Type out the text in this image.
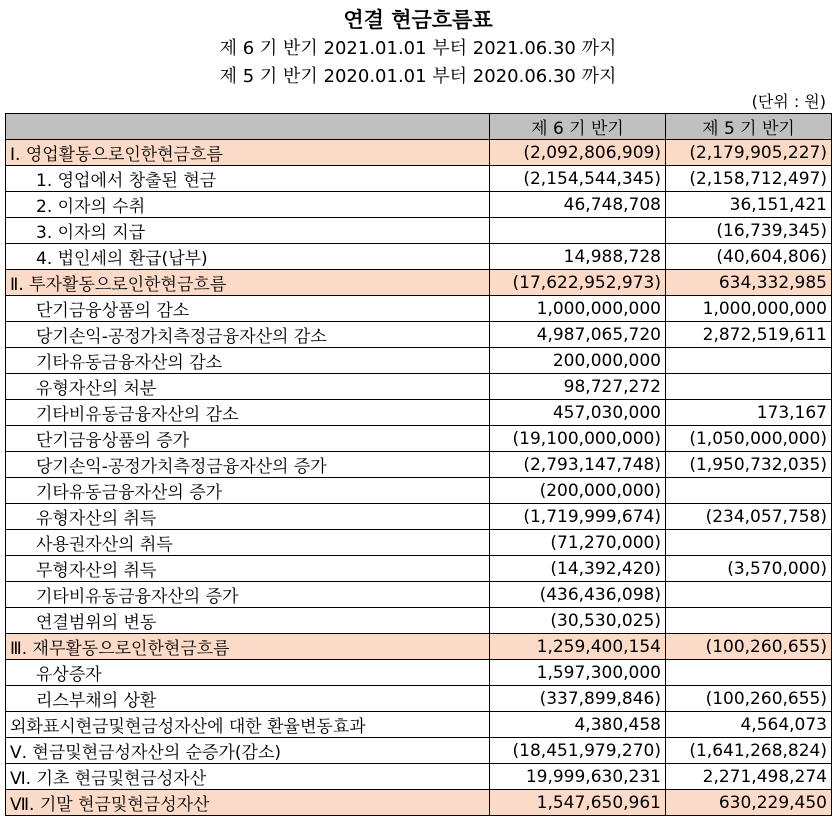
연결 현금흐름표
제 6 기 반기 2021.01.01 부터 2021.06.30 까지
제 5 기 반기 2020.01.01 부터 2020.06.30 까지
(단위 : 원)
	제 6 기 반기	제 5 기 반기
Ⅰ. 영업활동으로인한현금흐름	(2,092,806,909)	(2,179,905,227)
1. 영업에서 창출된 현금	(2,154,544,345)	(2,158,712,497)
2. 이자의 수취	46,748,708	36,151,421
3. 이자의 지급		(16,739,345)
4. 법인세의 환급(납부)	14,988,728	(40,604,806)
Ⅱ. 투자활동으로인한현금흐름	(17,622,952,973)	634,332,985
단기금융상품의 감소	1,000,000,000	1,000,000,000
당기손익-공정가치측정금융자산의 감소	4,987,065,720	2,872,519,611
기타유동금융자산의 감소	200,000,000	
유형자산의 처분	98,727,272	
기타비유동금융자산의 감소	457,030,000	173,167
단기금융상품의 증가	(19,100,000,000)	(1,050,000,000)
당기손익-공정가치측정금융자산의 증가	(2,793,147,748)	(1,950,732,035)
기타유동금융자산의 증가	(200,000,000)	
유형자산의 취득	(1,719,999,674)	(234,057,758)
사용권자산의 취득	(71,270,000)	
무형자산의 취득	(14,392,420)	(3,570,000)
기타비유동금융자산의 증가	(436,436,098)	
연결범위의 변동	(30,530,025)	
Ⅲ. 재무활동으로인한현금흐름	1,259,400,154	(100,260,655)
유상증자	1,597,300,000	
리스부채의 상환	(337,899,846)	(100,260,655)
외화표시현금및현금성자산에 대한 환율변동효과	4,380,458	4,564,073
Ⅴ. 현금및현금성자산의 순증가(감소)	(18,451,979,270)	(1,641,268,824)
Ⅵ. 기초 현금및현금성자산	19,999,630,231	2,271,498,274
Ⅶ. 기말 현금및현금성자산	1,547,650,961	630,229,450
